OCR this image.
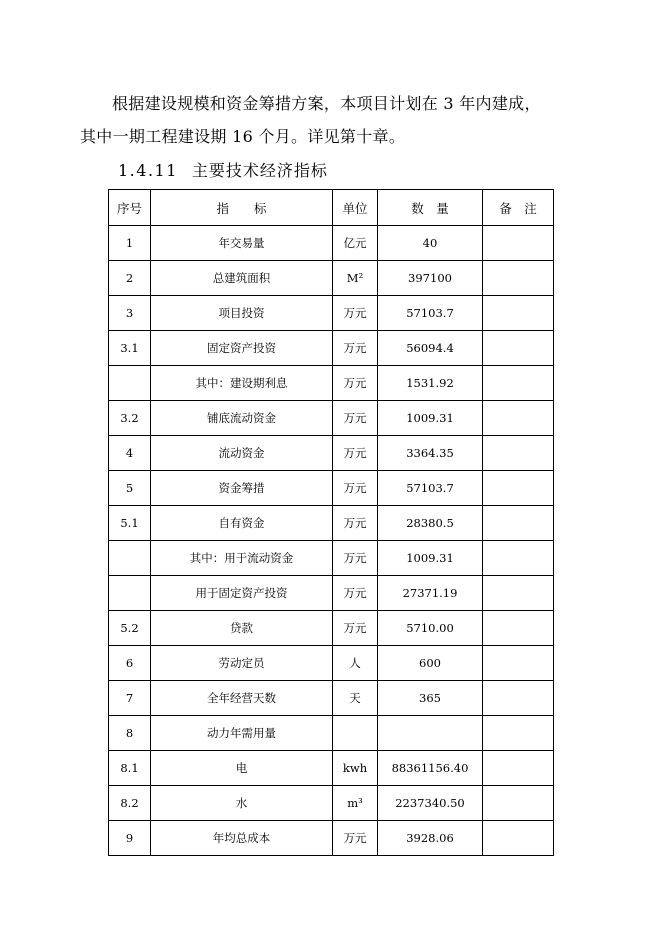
根据建设规模和资金筹措方案，本项目计划在 3 年内建成，
其中一期工程建设期 16 个月。详见第十章。
1.4.11 主要技术经济指标
序号	指　　标	单位	数　量	备　注
1	年交易量	亿元	40	
2	总建筑面积	M²	397100	
3	项目投资	万元	57103.7	
3.1	固定资产投资	万元	56094.4	
	其中：建设期利息	万元	1531.92	
3.2	铺底流动资金	万元	1009.31	
4	流动资金	万元	3364.35	
5	资金筹措	万元	57103.7	
5.1	自有资金	万元	28380.5	
	其中：用于流动资金	万元	1009.31	
	用于固定资产投资	万元	27371.19	
5.2	贷款	万元	5710.00	
6	劳动定员	人	600	
7	全年经营天数	天	365	
8	动力年需用量			
8.1	电	kwh	88361156.40	
8.2	水	m³	2237340.50	
9	年均总成本	万元	3928.06	
